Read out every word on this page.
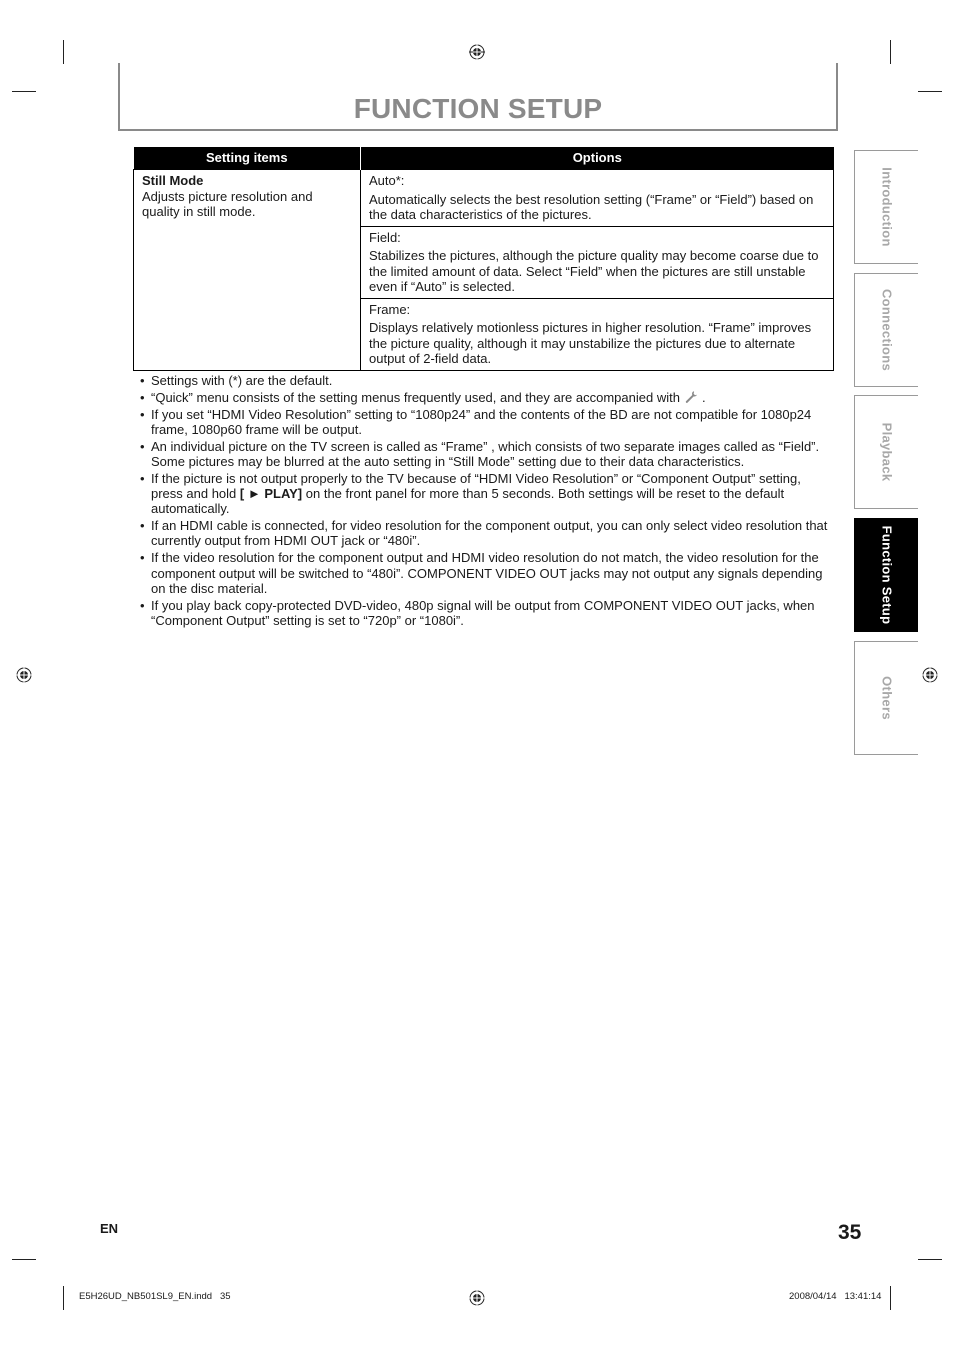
FUNCTION SETUP
Setting items	Options

Still Mode
Adjusts picture resolution and quality in still mode.	Auto*:
Automatically selects the best resolution setting (“Frame” or “Field”) based on the data characteristics of the pictures.

	Field:
Stabilizes the pictures, although the picture quality may become coarse due to the limited amount of data. Select “Field” when the pictures are still unstable even if “Auto” is selected.

	Frame:
Displays relatively motionless pictures in higher resolution. “Frame” improves the picture quality, although it may unstabilize the pictures due to alternate output of 2-field data.
• Settings with (*) are the default.
• “Quick” menu consists of the setting menus frequently used, and they are accompanied with .
• If you set “HDMI Video Resolution” setting to “1080p24” and the contents of the BD are not compatible for 1080p24 frame, 1080p60 frame will be output.
• An individual picture on the TV screen is called as “Frame” , which consists of two separate images called as “Field”. Some pictures may be blurred at the auto setting in “Still Mode” setting due to their data characteristics.
• If the picture is not output properly to the TV because of “HDMI Video Resolution” or “Component Output” setting, press and hold [ ► PLAY] on the front panel for more than 5 seconds. Both settings will be reset to the default automatically.
• If an HDMI cable is connected, for video resolution for the component output, you can only select video resolution that currently output from HDMI OUT jack or “480i”.
• If the video resolution for the component output and HDMI video resolution do not match, the video resolution for the component output will be switched to “480i”. COMPONENT VIDEO OUT jacks may not output any signals depending on the disc material.
• If you play back copy-protected DVD-video, 480p signal will be output from COMPONENT VIDEO OUT jacks, when “Component Output” setting is set to “720p” or “1080i”.
Introduction
Connections
Playback
Function Setup
Others
EN	35
E5H26UD_NB501SL9_EN.indd   35	2008/04/14   13:41:14
